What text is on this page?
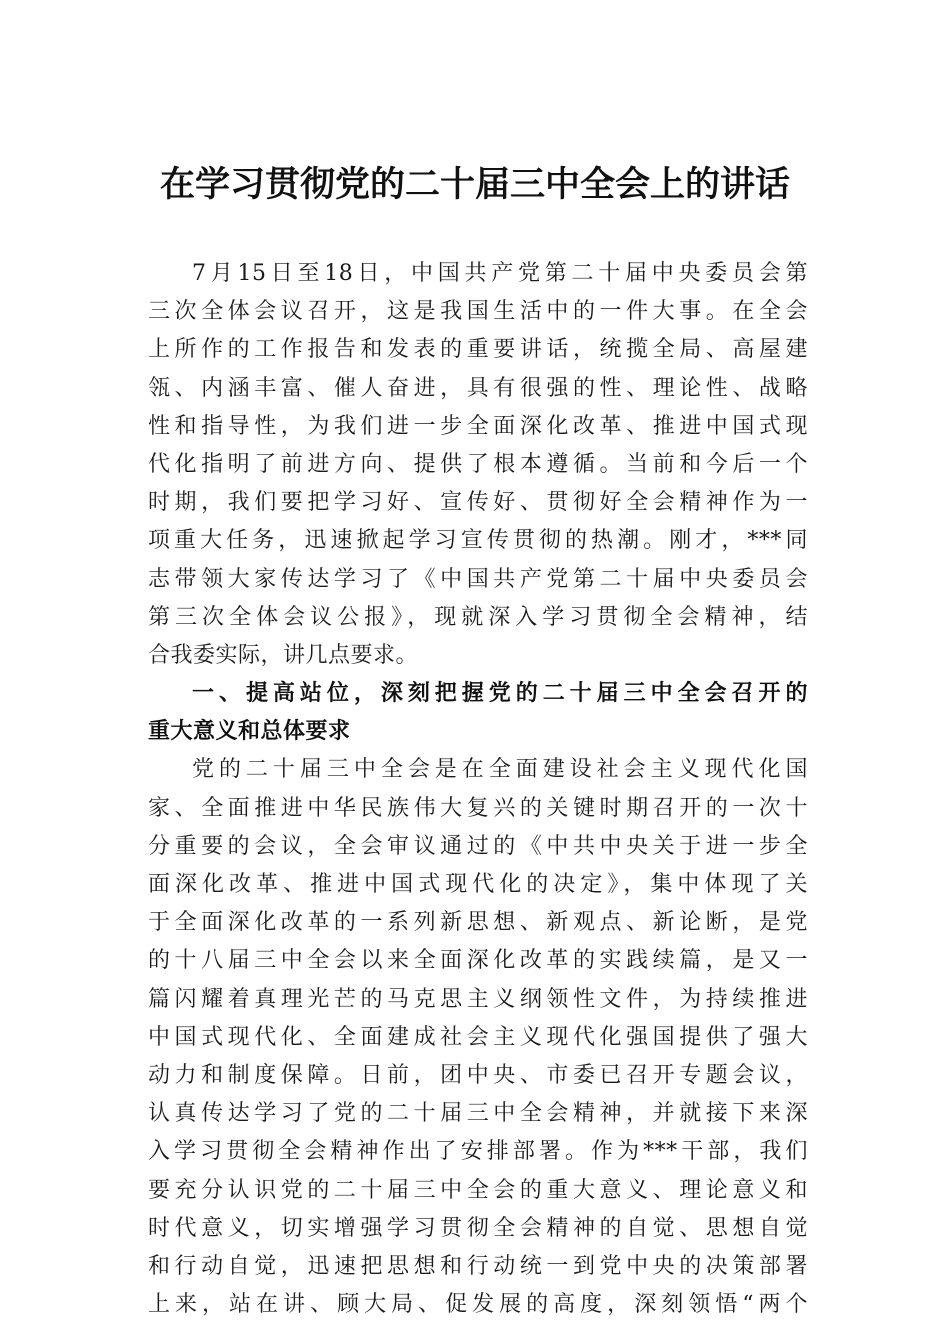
在学习贯彻党的二十届三中全会上的讲话
7月15日至18日，中国共产党第二十届中央委员会第
三次全体会议召开，这是我国生活中的一件大事。在全会
上所作的工作报告和发表的重要讲话，统揽全局、高屋建
瓴、内涵丰富、催人奋进，具有很强的性、理论性、战略
性和指导性，为我们进一步全面深化改革、推进中国式现
代化指明了前进方向、提供了根本遵循。当前和今后一个
时期，我们要把学习好、宣传好、贯彻好全会精神作为一
项重大任务，迅速掀起学习宣传贯彻的热潮。刚才，***同
志带领大家传达学习了《中国共产党第二十届中央委员会
第三次全体会议公报》，现就深入学习贯彻全会精神，结
合我委实际，讲几点要求。
一、提高站位，深刻把握党的二十届三中全会召开的
重大意义和总体要求
党的二十届三中全会是在全面建设社会主义现代化国
家、全面推进中华民族伟大复兴的关键时期召开的一次十
分重要的会议，全会审议通过的《中共中央关于进一步全
面深化改革、推进中国式现代化的决定》，集中体现了关
于全面深化改革的一系列新思想、新观点、新论断，是党
的十八届三中全会以来全面深化改革的实践续篇，是又一
篇闪耀着真理光芒的马克思主义纲领性文件，为持续推进
中国式现代化、全面建成社会主义现代化强国提供了强大
动力和制度保障。日前，团中央、市委已召开专题会议，
认真传达学习了党的二十届三中全会精神，并就接下来深
入学习贯彻全会精神作出了安排部署。作为***干部，我们
要充分认识党的二十届三中全会的重大意义、理论意义和
时代意义，切实增强学习贯彻全会精神的自觉、思想自觉
和行动自觉，迅速把思想和行动统一到党中央的决策部署
上来，站在讲、顾大局、促发展的高度，深刻领悟“两个
